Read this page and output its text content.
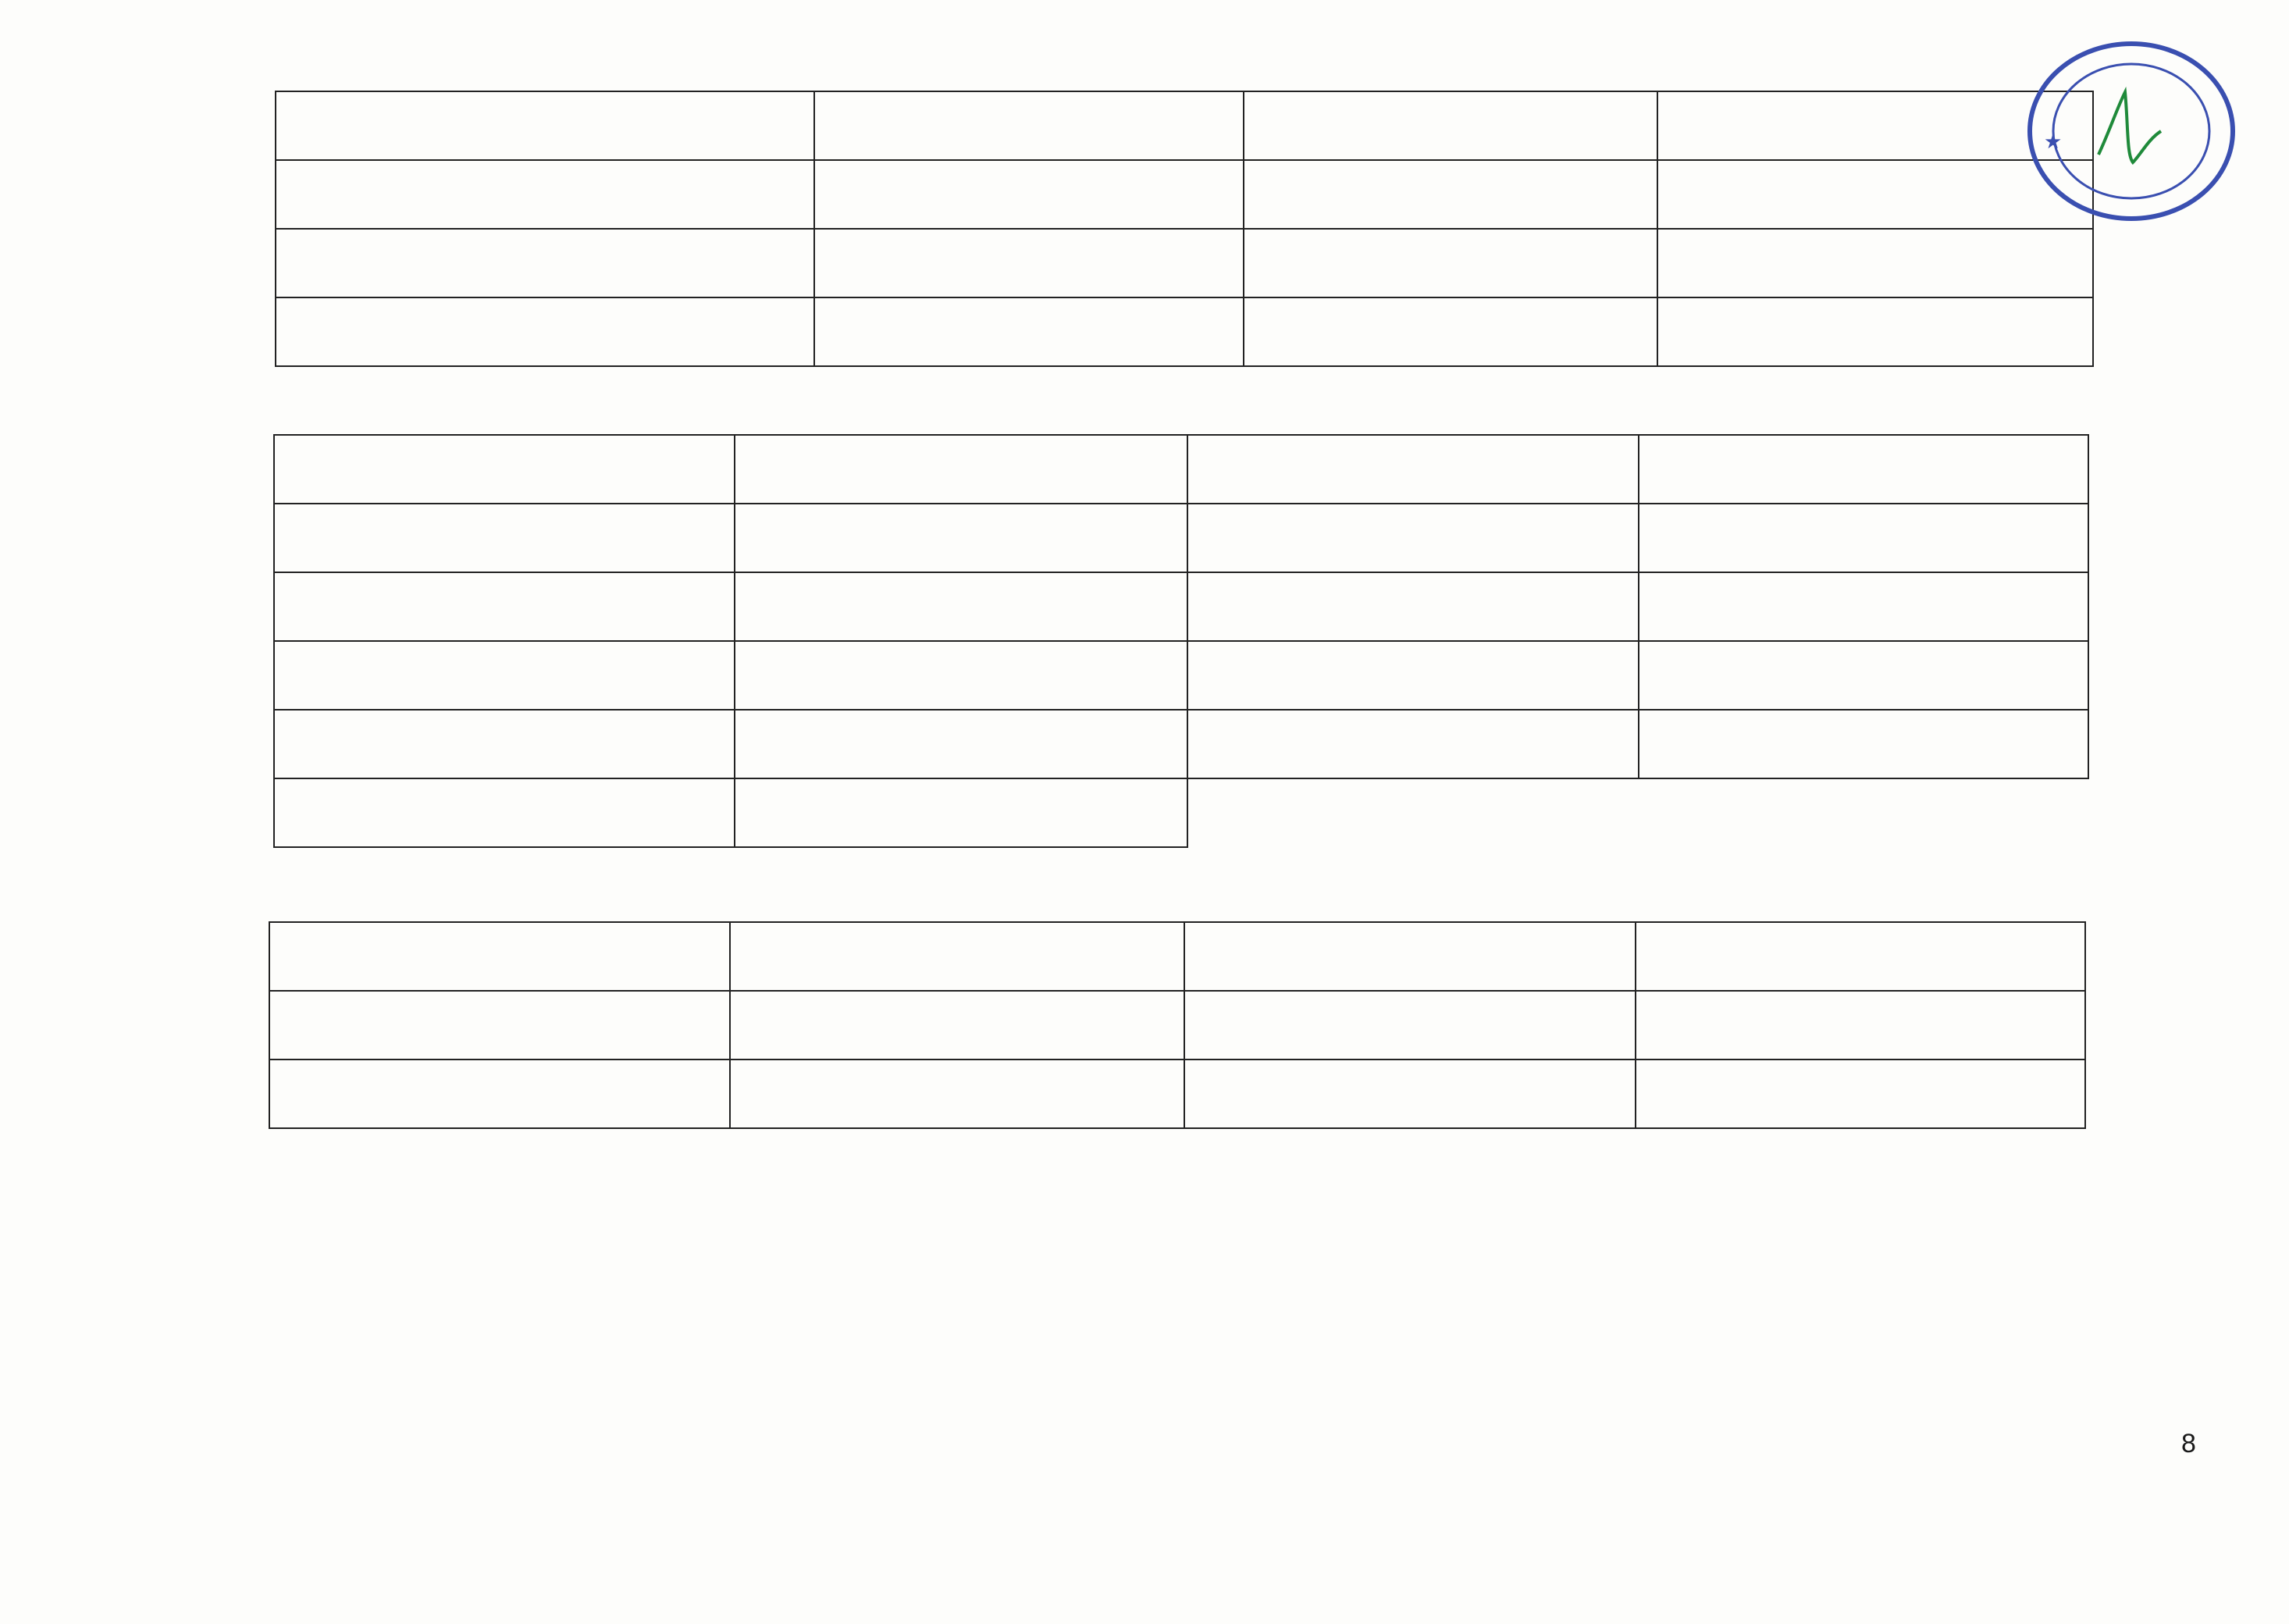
★
8
